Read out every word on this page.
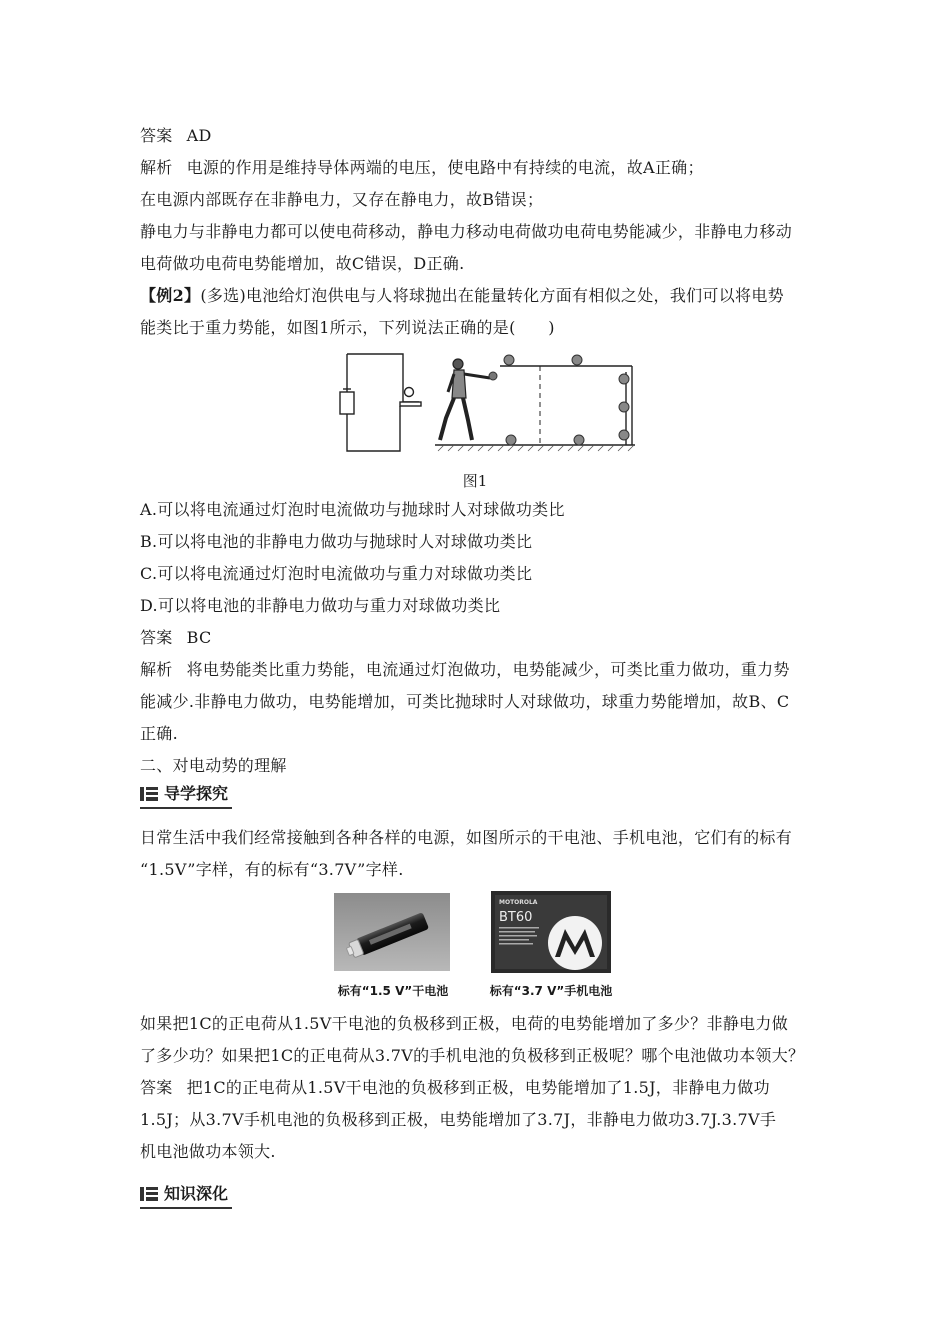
答案 AD
解析 电源的作用是维持导体两端的电压，使电路中有持续的电流，故A正确；
在电源内部既存在非静电力，又存在静电力，故B错误；
静电力与非静电力都可以使电荷移动，静电力移动电荷做功电荷电势能减少，非静电力移动
电荷做功电荷电势能增加，故C错误，D正确.
【例2】(多选)电池给灯泡供电与人将球抛出在能量转化方面有相似之处，我们可以将电势
能类比于重力势能，如图1所示，下列说法正确的是(　　)
图1
A.可以将电流通过灯泡时电流做功与抛球时人对球做功类比
B.可以将电池的非静电力做功与抛球时人对球做功类比
C.可以将电流通过灯泡时电流做功与重力对球做功类比
D.可以将电池的非静电力做功与重力对球做功类比
答案 BC
解析 将电势能类比重力势能，电流通过灯泡做功，电势能减少，可类比重力做功，重力势
能减少.非静电力做功，电势能增加，可类比抛球时人对球做功，球重力势能增加，故B、C
正确.
二、对电动势的理解
导学探究
日常生活中我们经常接触到各种各样的电源，如图所示的干电池、手机电池，它们有的标有
“1.5V”字样，有的标有“3.7V”字样.
标有“1.5 V”干电池
MOTOROLA
BT60
标有“3.7 V”手机电池
如果把1C的正电荷从1.5V干电池的负极移到正极，电荷的电势能增加了多少？非静电力做
了多少功？如果把1C的正电荷从3.7V的手机电池的负极移到正极呢？哪个电池做功本领大？
答案 把1C的正电荷从1.5V干电池的负极移到正极，电势能增加了1.5J，非静电力做功
1.5J；从3.7V手机电池的负极移到正极，电势能增加了3.7J，非静电力做功3.7J.3.7V手
机电池做功本领大.
知识深化
